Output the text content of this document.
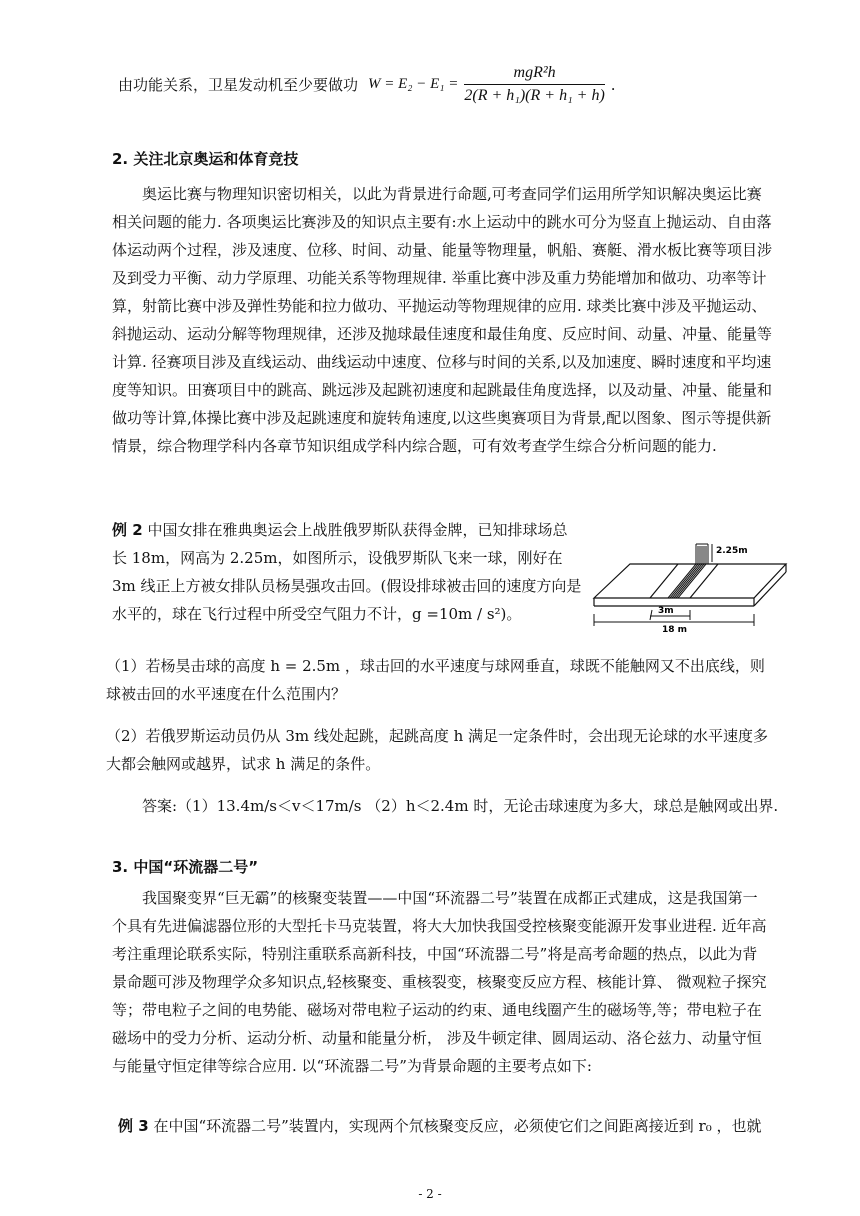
由功能关系，卫星发动机至少要做功 $W = E_2 - E_1 = \frac{\text{mgR²h}}{\text{2(R + h₁)(R + h₁ + h)}}$ .
2. 关注北京奥运和体育竞技
奥运比赛与物理知识密切相关，以此为背景进行命题,可考查同学们运用所学知识解决奥运比赛相关问题的能力. 各项奥运比赛涉及的知识点主要有:水上运动中的跳水可分为竖直上抛运动、自由落体运动两个过程，涉及速度、位移、时间、动量、能量等物理量，帆船、赛艇、滑水板比赛等项目涉及到受力平衡、动力学原理、功能关系等物理规律. 举重比赛中涉及重力势能增加和做功、功率等计算，射箭比赛中涉及弹性势能和拉力做功、平抛运动等物理规律的应用. 球类比赛中涉及平抛运动、斜抛运动、运动分解等物理规律，还涉及抛球最佳速度和最佳角度、反应时间、动量、冲量、能量等计算. 径赛项目涉及直线运动、曲线运动中速度、位移与时间的关系,以及加速度、瞬时速度和平均速度等知识。田赛项目中的跳高、跳远涉及起跳初速度和起跳最佳角度选择，以及动量、冲量、能量和做功等计算,体操比赛中涉及起跳速度和旋转角速度,以这些奥赛项目为背景,配以图象、图示等提供新情景，综合物理学科内各章节知识组成学科内综合题，可有效考查学生综合分析问题的能力.
例 2 中国女排在雅典奥运会上战胜俄罗斯队获得金牌，已知排球场总长 18m，网高为 2.25m，如图所示，设俄罗斯队飞来一球，刚好在 3m 线正上方被女排队员杨昊强攻击回。(假设排球被击回的速度方向是水平的，球在飞行过程中所受空气阻力不计，g =10m / s²)。
2.25m
3m
18 m
（1）若杨昊击球的高度 h = 2.5m ，球击回的水平速度与球网垂直，球既不能触网又不出底线，则球被击回的水平速度在什么范围内？
（2）若俄罗斯运动员仍从 3m 线处起跳，起跳高度 h 满足一定条件时，会出现无论球的水平速度多大都会触网或越界，试求 h 满足的条件。
答案:（1）13.4m/s＜v＜17m/s （2）h＜2.4m 时，无论击球速度为多大，球总是触网或出界.
3. 中国“环流器二号”
我国聚变界“巨无霸”的核聚变装置——中国“环流器二号”装置在成都正式建成，这是我国第一个具有先进偏滤器位形的大型托卡马克装置，将大大加快我国受控核聚变能源开发事业进程. 近年高考注重理论联系实际，特别注重联系高新科技，中国“环流器二号”将是高考命题的热点，以此为背景命题可涉及物理学众多知识点,轻核聚变、重核裂变，核聚变反应方程、核能计算、 微观粒子探究等；带电粒子之间的电势能、磁场对带电粒子运动的约束、通电线圈产生的磁场等,等；带电粒子在磁场中的受力分析、运动分析、动量和能量分析， 涉及牛顿定律、圆周运动、洛仑兹力、动量守恒与能量守恒定律等综合应用. 以“环流器二号”为背景命题的主要考点如下:
例 3 在中国“环流器二号”装置内，实现两个氘核聚变反应，必须使它们之间距离接近到 r₀ ，也就
- 2 -
